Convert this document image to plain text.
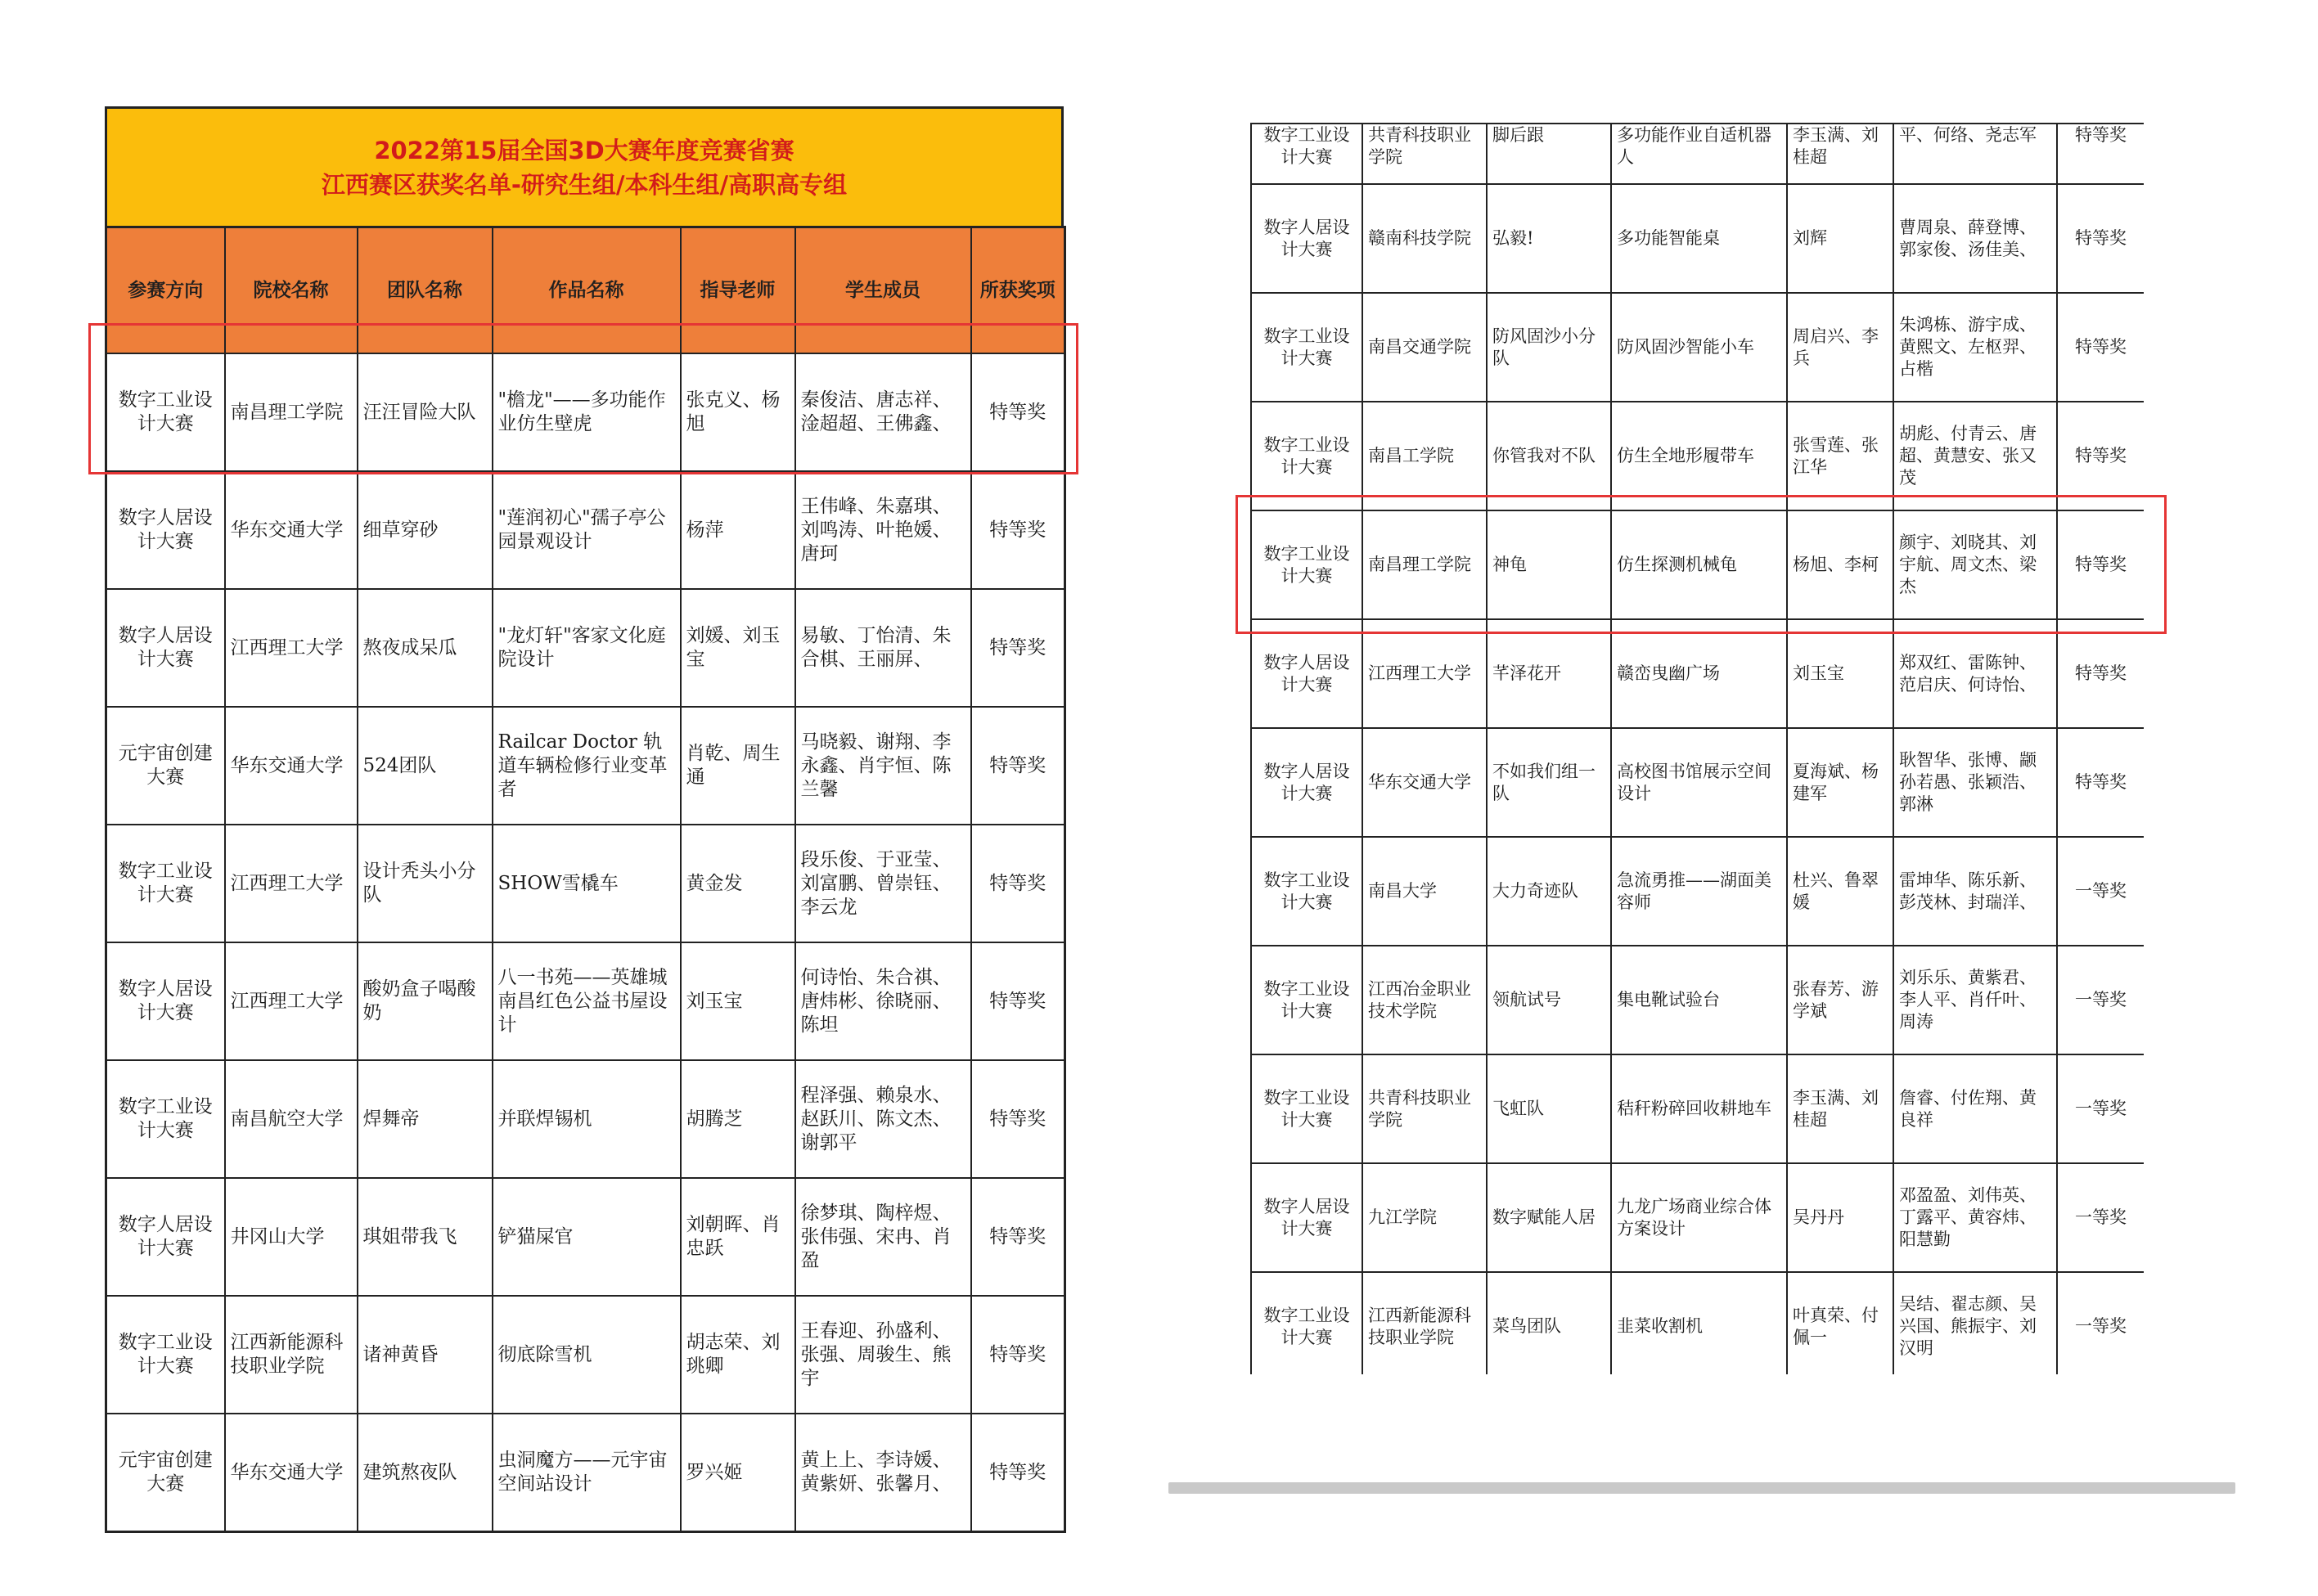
2022第15届全国3D大赛年度竞赛省赛
江西赛区获奖名单-研究生组/本科生组/高职高专组
参赛方向	院校名称	团队名称	作品名称	指导老师	学生成员	所获奖项
数字工业设计大赛	南昌理工学院	汪汪冒险大队	"檐龙"——多功能作业仿生壁虎	张克义、杨旭	秦俊洁、唐志祥、淦超超、王佛鑫、	特等奖
数字人居设计大赛	华东交通大学	细草穿砂	"莲润初心"孺子亭公园景观设计	杨萍	王伟峰、朱嘉琪、刘鸣涛、叶艳媛、唐珂	特等奖
数字人居设计大赛	江西理工大学	熬夜成呆瓜	"龙灯轩"客家文化庭院设计	刘媛、刘玉宝	易敏、丁怡清、朱合棋、王丽屏、	特等奖
元宇宙创建大赛	华东交通大学	524团队	Railcar Doctor 轨道车辆检修行业变革者	肖乾、周生通	马晓毅、谢翔、李永鑫、肖宇恒、陈兰馨	特等奖
数字工业设计大赛	江西理工大学	设计秃头小分队	SHOW雪橇车	黄金发	段乐俊、于亚莹、刘富鹏、曾崇钰、李云龙	特等奖
数字人居设计大赛	江西理工大学	酸奶盒子喝酸奶	八一书苑——英雄城南昌红色公益书屋设计	刘玉宝	何诗怡、朱合祺、唐炜彬、徐晓丽、陈坦	特等奖
数字工业设计大赛	南昌航空大学	焊舞帝	并联焊锡机	胡腾芝	程泽强、赖泉水、赵跃川、陈文杰、谢郭平	特等奖
数字人居设计大赛	井冈山大学	琪姐带我飞	铲猫屎官	刘朝晖、肖忠跃	徐梦琪、陶梓煜、张伟强、宋冉、肖盈	特等奖
数字工业设计大赛	江西新能源科技职业学院	诸神黄昏	彻底除雪机	胡志荣、刘珧卿	王春迎、孙盛利、张强、周骏生、熊宇	特等奖
元宇宙创建大赛	华东交通大学	建筑熬夜队	虫洞魔方——元宇宙空间站设计	罗兴姬	黄上上、李诗媛、黄紫妍、张馨月、	特等奖
数字工业设计大赛	共青科技职业学院	脚后跟	多功能作业自适机器人	李玉满、刘桂超	平、何络、尧志军	特等奖
数字人居设计大赛	赣南科技学院	弘毅!	多功能智能桌	刘辉	曹周泉、薛登博、郭家俊、汤佳美、	特等奖
数字工业设计大赛	南昌交通学院	防风固沙小分队	防风固沙智能小车	周启兴、李兵	朱鸿栋、游宇成、黄熙文、左枢羿、占楷	特等奖
数字工业设计大赛	南昌工学院	你管我对不队	仿生全地形履带车	张雪莲、张江华	胡彪、付青云、唐超、黄慧安、张又茂	特等奖
数字工业设计大赛	南昌理工学院	神龟	仿生探测机械龟	杨旭、李柯	颜宇、刘晓其、刘宇航、周文杰、梁杰	特等奖
数字人居设计大赛	江西理工大学	芊泽花开	赣峦曳幽广场	刘玉宝	郑双红、雷陈钟、范启庆、何诗怡、	特等奖
数字人居设计大赛	华东交通大学	不如我们组一队	高校图书馆展示空间设计	夏海斌、杨建军	耿智华、张博、颛孙若愚、张颖浩、郭淋	特等奖
数字工业设计大赛	南昌大学	大力奇迹队	急流勇推——湖面美容师	杜兴、鲁翠媛	雷坤华、陈乐新、彭茂林、封瑞洋、	一等奖
数字工业设计大赛	江西冶金职业技术学院	领航试号	集电靴试验台	张春芳、游学斌	刘乐乐、黄紫君、李人平、肖仟叶、周涛	一等奖
数字工业设计大赛	共青科技职业学院	飞虹队	秸秆粉碎回收耕地车	李玉满、刘桂超	詹睿、付佐翔、黄良祥	一等奖
数字人居设计大赛	九江学院	数字赋能人居	九龙广场商业综合体方案设计	吴丹丹	邓盈盈、刘伟英、丁露平、黄容炜、阳慧勤	一等奖
数字工业设计大赛	江西新能源科技职业学院	菜鸟团队	韭菜收割机	叶真荣、付佩一	吴结、翟志颜、吴兴国、熊振宇、刘汉明	一等奖
